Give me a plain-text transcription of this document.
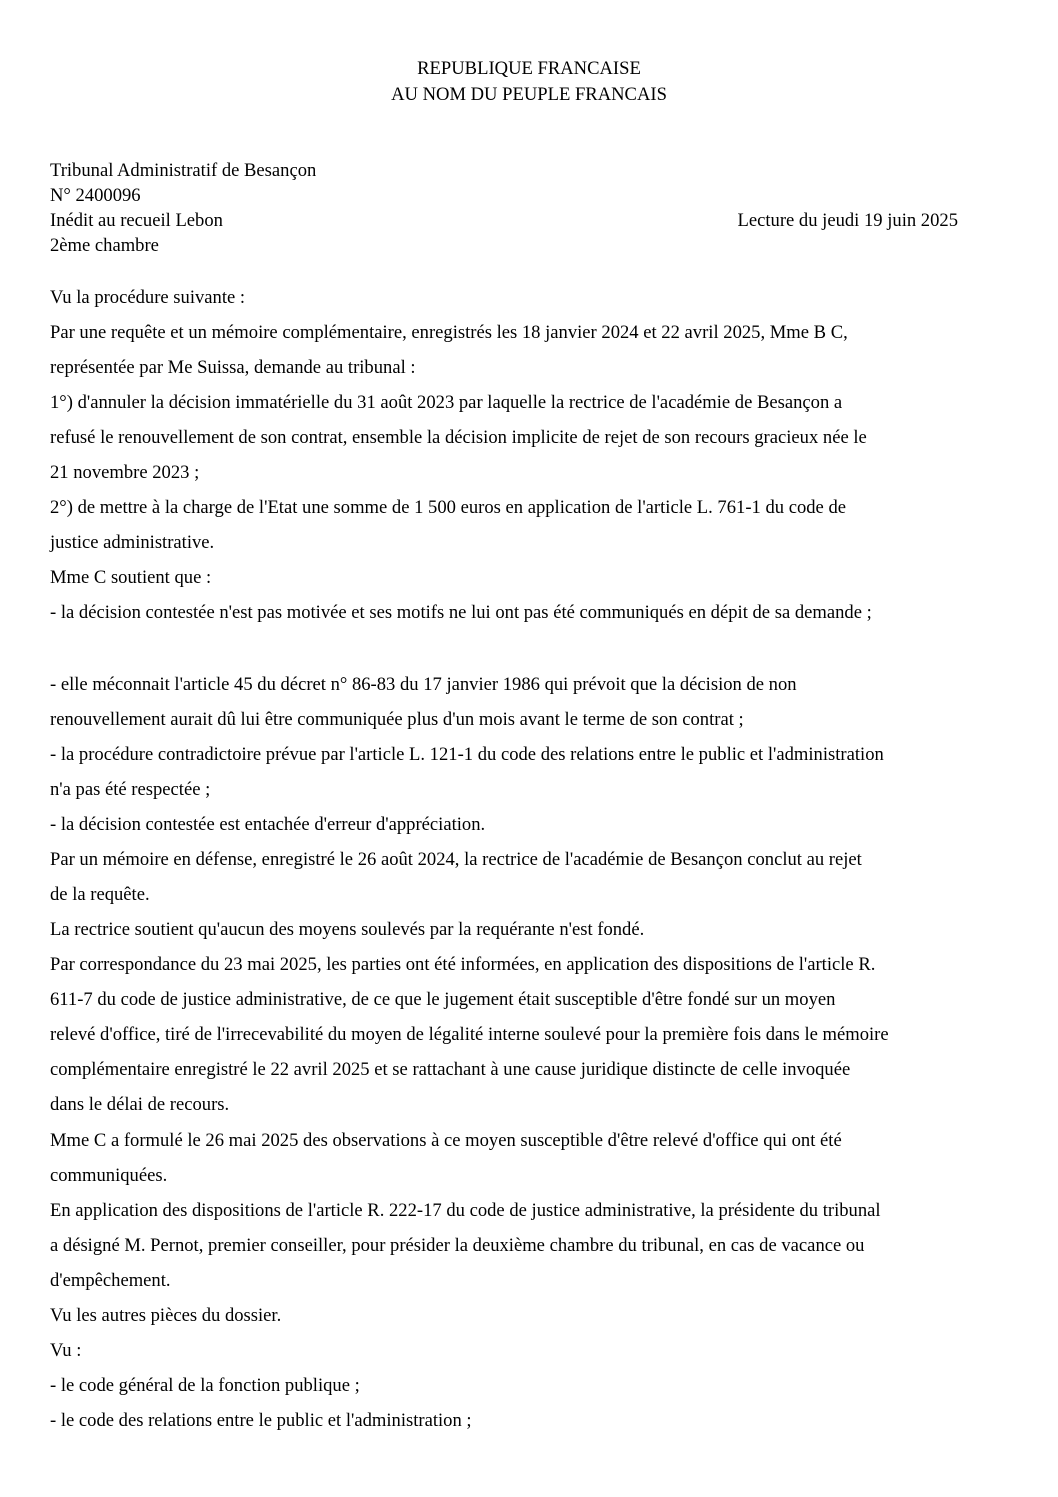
REPUBLIQUE FRANCAISE
AU NOM DU PEUPLE FRANCAIS
Tribunal Administratif de Besançon
N° 2400096
Inédit au recueil Lebon	Lecture du jeudi 19 juin 2025
2ème chambre
Vu la procédure suivante :
Par une requête et un mémoire complémentaire, enregistrés les 18 janvier 2024 et 22 avril 2025, Mme B C,
représentée par Me Suissa, demande au tribunal :
1°) d'annuler la décision immatérielle du 31 août 2023 par laquelle la rectrice de l'académie de Besançon a
refusé le renouvellement de son contrat, ensemble la décision implicite de rejet de son recours gracieux née le
21 novembre 2023 ;
2°) de mettre à la charge de l'Etat une somme de 1 500 euros en application de l'article L. 761-1 du code de
justice administrative.
Mme C soutient que :
- la décision contestée n'est pas motivée et ses motifs ne lui ont pas été communiqués en dépit de sa demande ;
- elle méconnait l'article 45 du décret n° 86-83 du 17 janvier 1986 qui prévoit que la décision de non
renouvellement aurait dû lui être communiquée plus d'un mois avant le terme de son contrat ;
- la procédure contradictoire prévue par l'article L. 121-1 du code des relations entre le public et l'administration
n'a pas été respectée ;
- la décision contestée est entachée d'erreur d'appréciation.
Par un mémoire en défense, enregistré le 26 août 2024, la rectrice de l'académie de Besançon conclut au rejet
de la requête.
La rectrice soutient qu'aucun des moyens soulevés par la requérante n'est fondé.
Par correspondance du 23 mai 2025, les parties ont été informées, en application des dispositions de l'article R.
611-7 du code de justice administrative, de ce que le jugement était susceptible d'être fondé sur un moyen
relevé d'office, tiré de l'irrecevabilité du moyen de légalité interne soulevé pour la première fois dans le mémoire
complémentaire enregistré le 22 avril 2025 et se rattachant à une cause juridique distincte de celle invoquée
dans le délai de recours.
Mme C a formulé le 26 mai 2025 des observations à ce moyen susceptible d'être relevé d'office qui ont été
communiquées.
En application des dispositions de l'article R. 222-17 du code de justice administrative, la présidente du tribunal
a désigné M. Pernot, premier conseiller, pour présider la deuxième chambre du tribunal, en cas de vacance ou
d'empêchement.
Vu les autres pièces du dossier.
Vu :
- le code général de la fonction publique ;
- le code des relations entre le public et l'administration ;
